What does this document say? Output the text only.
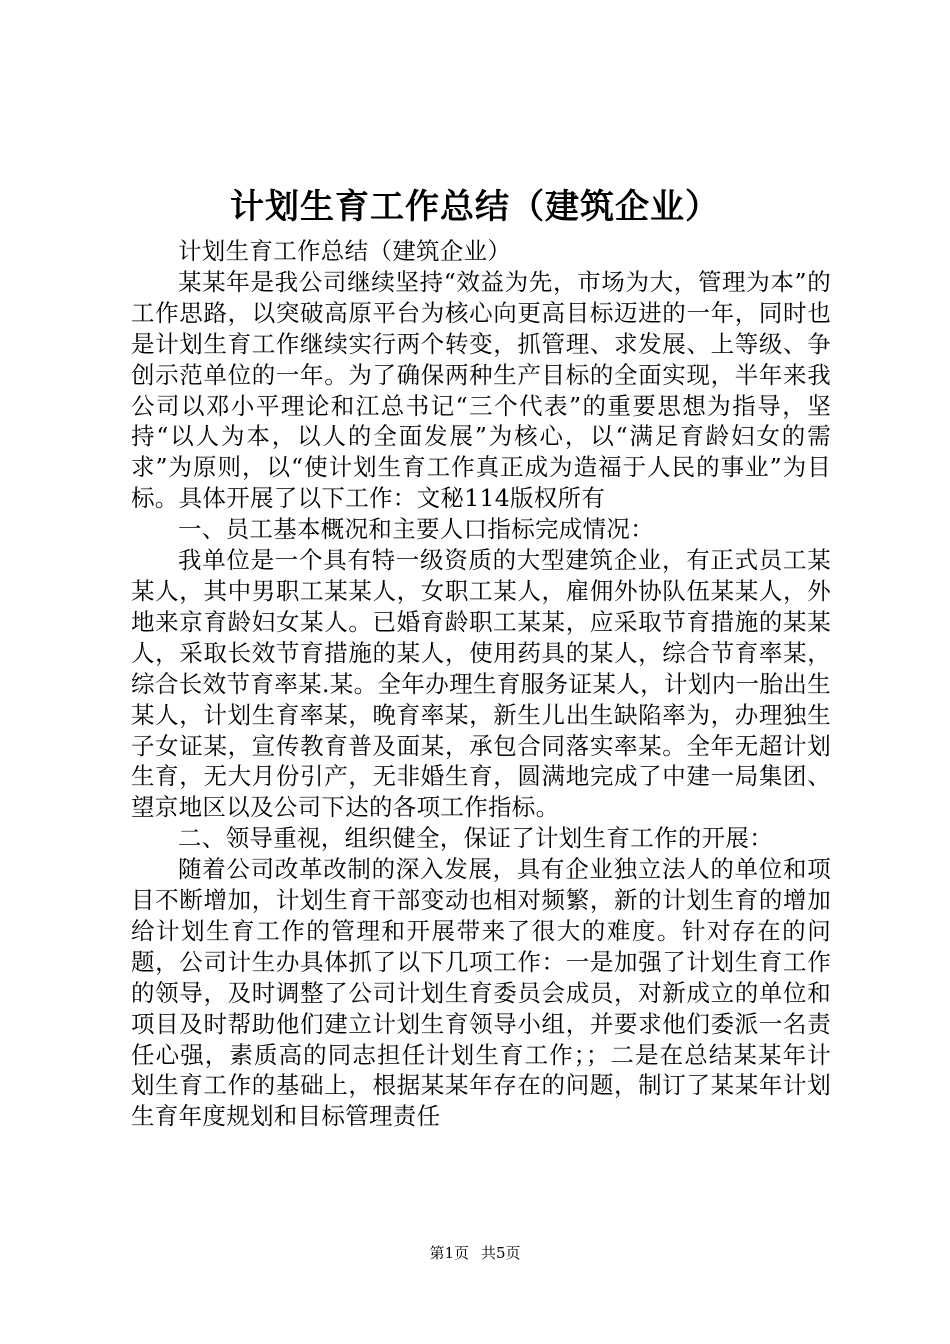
计划生育工作总结（建筑企业）

计划生育工作总结（建筑企业）

某某年是我公司继续坚持“效益为先，市场为大，管理为本”的工作思路，以突破高原平台为核心向更高目标迈进的一年，同时也是计划生育工作继续实行两个转变，抓管理、求发展、上等级、争创示范单位的一年。为了确保两种生产目标的全面实现，半年来我公司以邓小平理论和江总书记“三个代表”的重要思想为指导，坚持“以人为本，以人的全面发展”为核心，以“满足育龄妇女的需求”为原则，以“使计划生育工作真正成为造福于人民的事业”为目标。具体开展了以下工作：文秘114版权所有

一、员工基本概况和主要人口指标完成情况：

我单位是一个具有特一级资质的大型建筑企业，有正式员工某某人，其中男职工某某人，女职工某人，雇佣外协队伍某某人，外地来京育龄妇女某人。已婚育龄职工某某，应采取节育措施的某某人，采取长效节育措施的某人，使用药具的某人，综合节育率某，综合长效节育率某.某。全年办理生育服务证某人，计划内一胎出生某人，计划生育率某，晚育率某，新生儿出生缺陷率为，办理独生子女证某，宣传教育普及面某，承包合同落实率某。全年无超计划生育，无大月份引产，无非婚生育，圆满地完成了中建一局集团、望京地区以及公司下达的各项工作指标。

二、领导重视，组织健全，保证了计划生育工作的开展：

随着公司改革改制的深入发展，具有企业独立法人的单位和项目不断增加，计划生育干部变动也相对频繁，新的计划生育的增加给计划生育工作的管理和开展带来了很大的难度。针对存在的问题，公司计生办具体抓了以下几项工作：一是加强了计划生育工作的领导，及时调整了公司计划生育委员会成员，对新成立的单位和项目及时帮助他们建立计划生育领导小组，并要求他们委派一名责任心强，素质高的同志担任计划生育工作；；二是在总结某某年计划生育工作的基础上，根据某某年存在的问题，制订了某某年计划生育年度规划和目标管理责任

第1页 共5页
